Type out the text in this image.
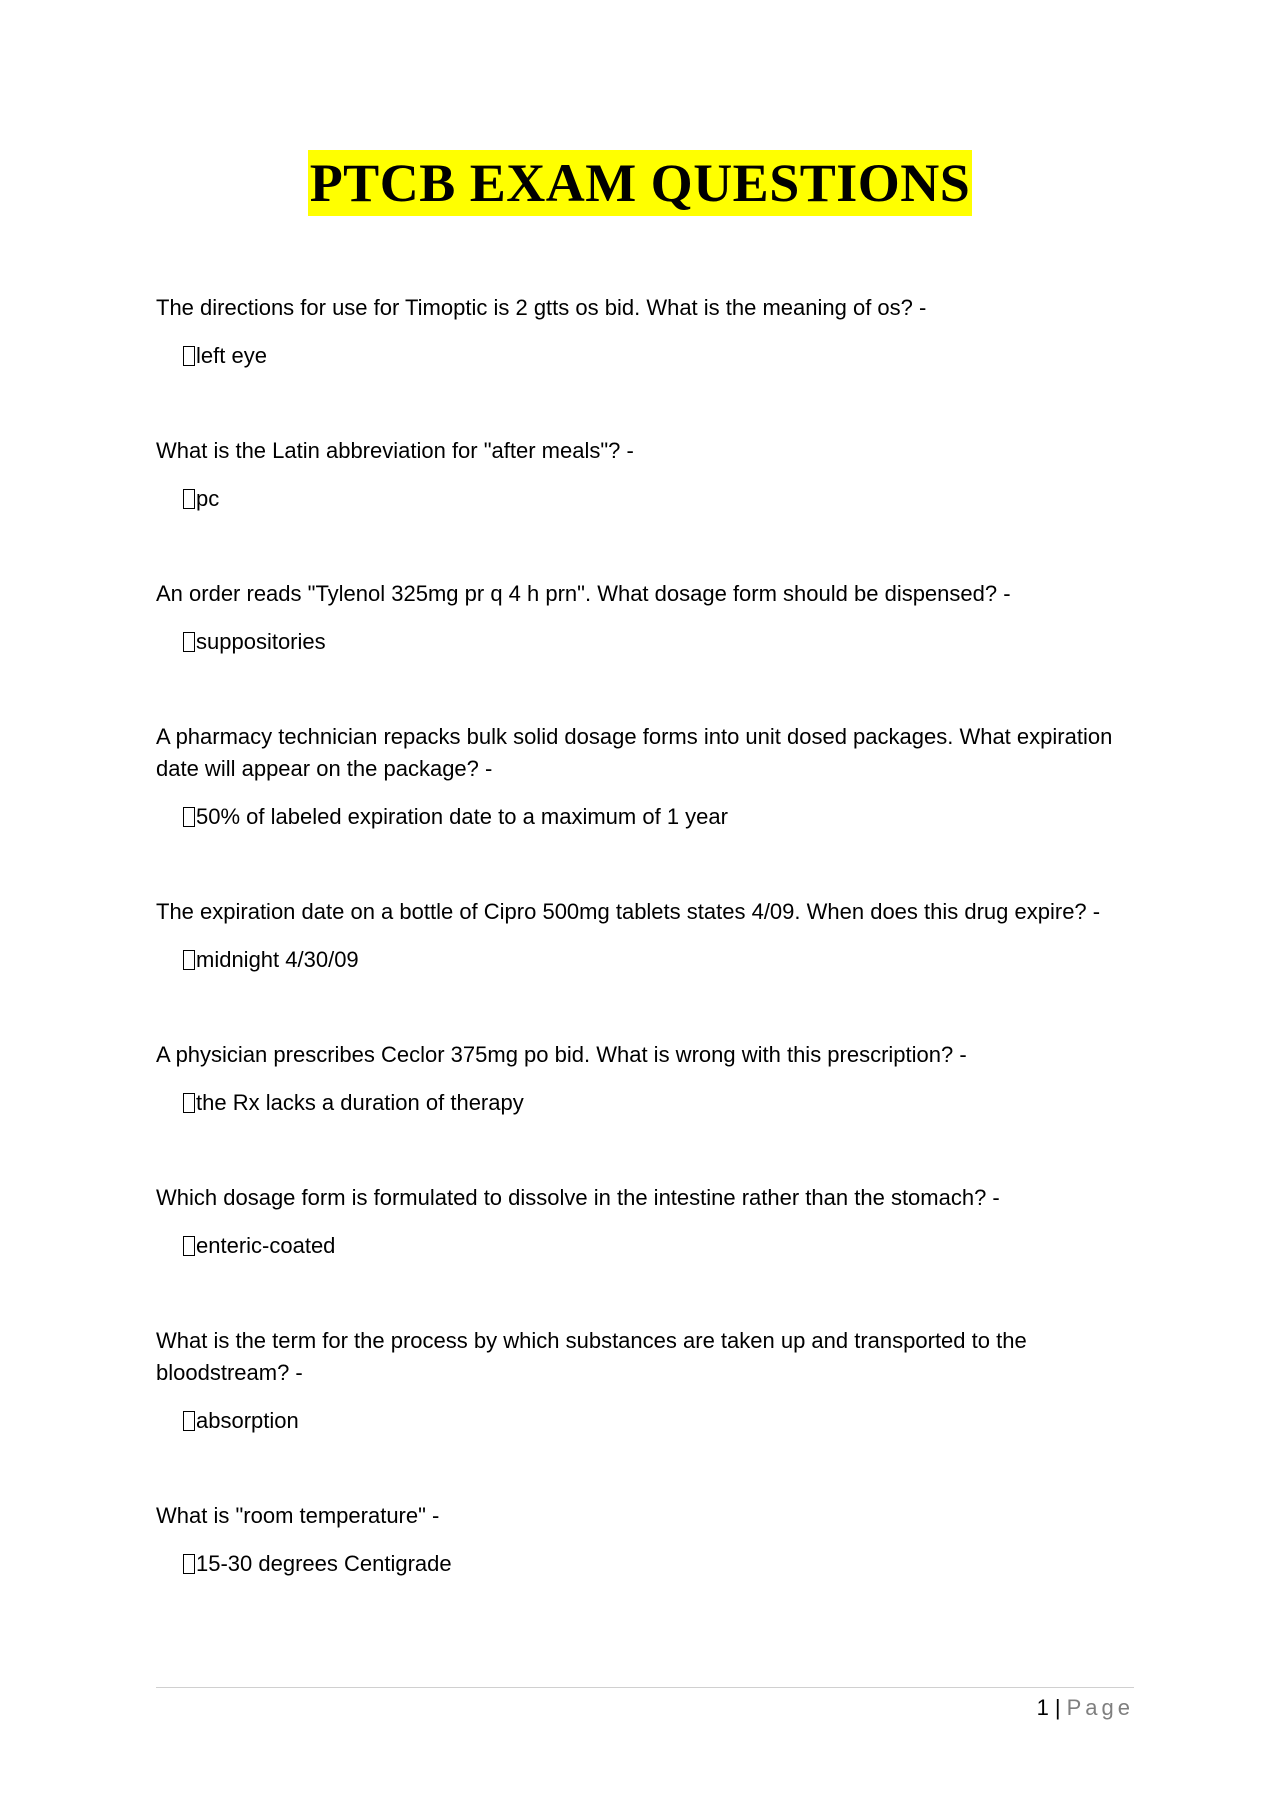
PTCB EXAM QUESTIONS

The directions for use for Timoptic is 2 gtts os bid. What is the meaning of os? -

left eye

What is the Latin abbreviation for "after meals"? -

pc

An order reads "Tylenol 325mg pr q 4 h prn". What dosage form should be dispensed? -

suppositories

A pharmacy technician repacks bulk solid dosage forms into unit dosed packages. What expiration date will appear on the package? -

50% of labeled expiration date to a maximum of 1 year

The expiration date on a bottle of Cipro 500mg tablets states 4/09. When does this drug expire? -

midnight 4/30/09

A physician prescribes Ceclor 375mg po bid. What is wrong with this prescription? -

the Rx lacks a duration of therapy

Which dosage form is formulated to dissolve in the intestine rather than the stomach? -

enteric-coated

What is the term for the process by which substances are taken up and transported to the bloodstream? -

absorption

What is "room temperature" -

15-30 degrees Centigrade
1 | Page
